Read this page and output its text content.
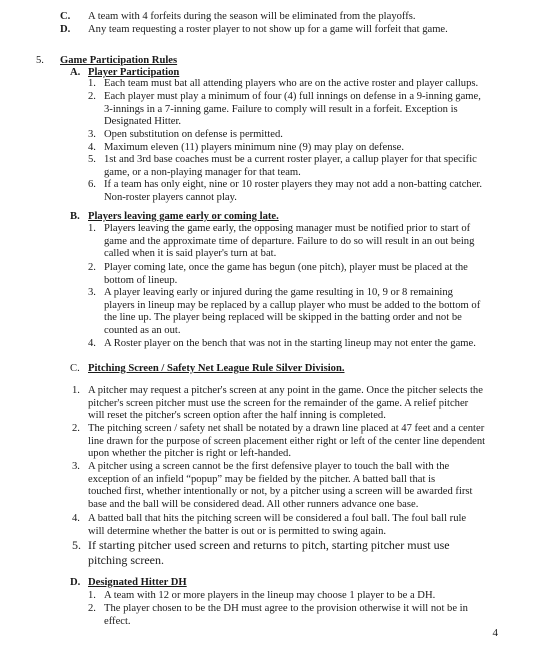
C. A team with 4 forfeits during the season will be eliminated from the playoffs.
D. Any team requesting a roster player to not show up for a game will forfeit that game.
5. Game Participation Rules
A. Player Participation
1. Each team must bat all attending players who are on the active roster and player callups.
2. Each player must play a minimum of four (4) full innings on defense in a 9-inning game,
3-innings in a 7-inning game. Failure to comply will result in a forfeit. Exception is
Designated Hitter.
3. Open substitution on defense is permitted.
4. Maximum eleven (11) players minimum nine (9) may play on defense.
5. 1st and 3rd base coaches must be a current roster player, a callup player for that specific
game, or a non-playing manager for that team.
6. If a team has only eight, nine or 10 roster players they may not add a non-batting catcher.
Non-roster players cannot play.
B. Players leaving game early or coming late.
1. Players leaving the game early, the opposing manager must be notified prior to start of
game and the approximate time of departure. Failure to do so will result in an out being
called when it is said player's turn at bat.
2. Player coming late, once the game has begun (one pitch), player must be placed at the
bottom of lineup.
3. A player leaving early or injured during the game resulting in 10, 9 or 8 remaining
players in lineup may be replaced by a callup player who must be added to the bottom of
the line up. The player being replaced will be skipped in the batting order and not be
counted as an out.
4. A Roster player on the bench that was not in the starting lineup may not enter the game.
C. Pitching Screen / Safety Net League Rule Silver Division.
1. A pitcher may request a pitcher's screen at any point in the game. Once the pitcher selects the
pitcher's screen pitcher must use the screen for the remainder of the game. A relief pitcher
will reset the pitcher's screen option after the half inning is completed.
2. The pitching screen / safety net shall be notated by a drawn line placed at 47 feet and a center
line drawn for the purpose of screen placement either right or left of the center line dependent
upon whether the pitcher is right or left-handed.
3. A pitcher using a screen cannot be the first defensive player to touch the ball with the
exception of an infield “popup” may be fielded by the pitcher. A batted ball that is
touched first, whether intentionally or not, by a pitcher using a screen will be awarded first
base and the ball will be considered dead. All other runners advance one base.
4. A batted ball that hits the pitching screen will be considered a foul ball. The foul ball rule
will determine whether the batter is out or is permitted to swing again.
5. If starting pitcher used screen and returns to pitch, starting pitcher must use
pitching screen.
D. Designated Hitter DH
1. A team with 12 or more players in the lineup may choose 1 player to be a DH.
2. The player chosen to be the DH must agree to the provision otherwise it will not be in
effect.
4
